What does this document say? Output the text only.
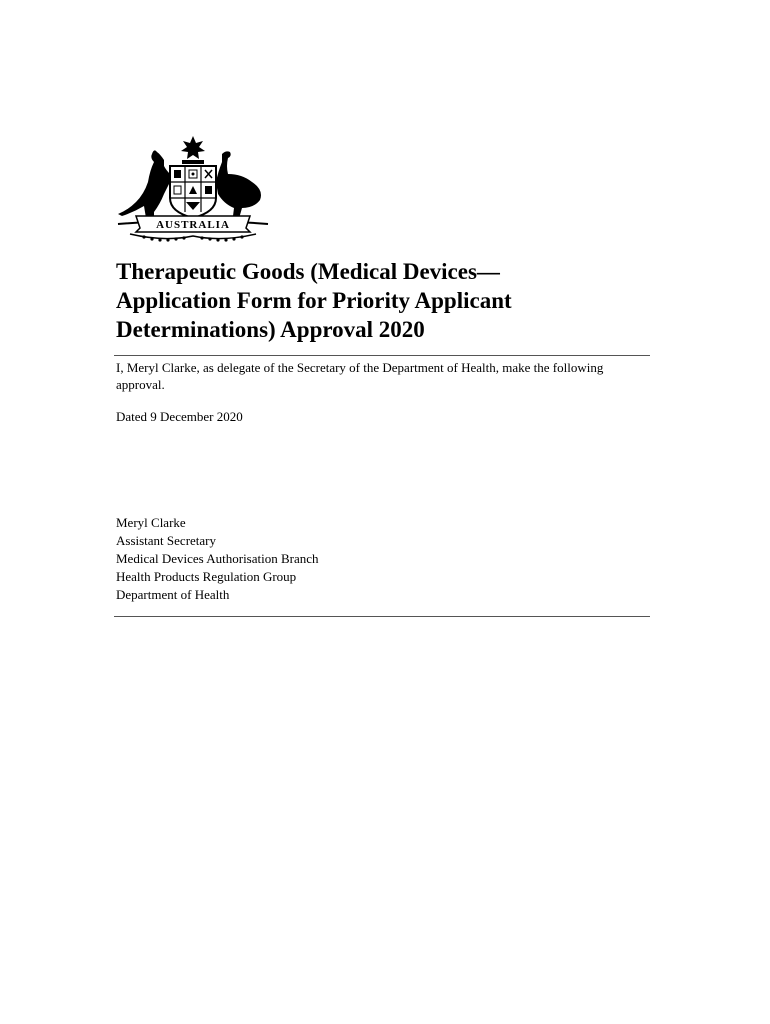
AUSTRALIA
Therapeutic Goods (Medical Devices—
Application Form for Priority Applicant
Determinations) Approval 2020

I, Meryl Clarke, as delegate of the Secretary of the Department of Health, make the following approval.

Dated 9 December 2020

Meryl Clarke
Assistant Secretary
Medical Devices Authorisation Branch
Health Products Regulation Group
Department of Health
